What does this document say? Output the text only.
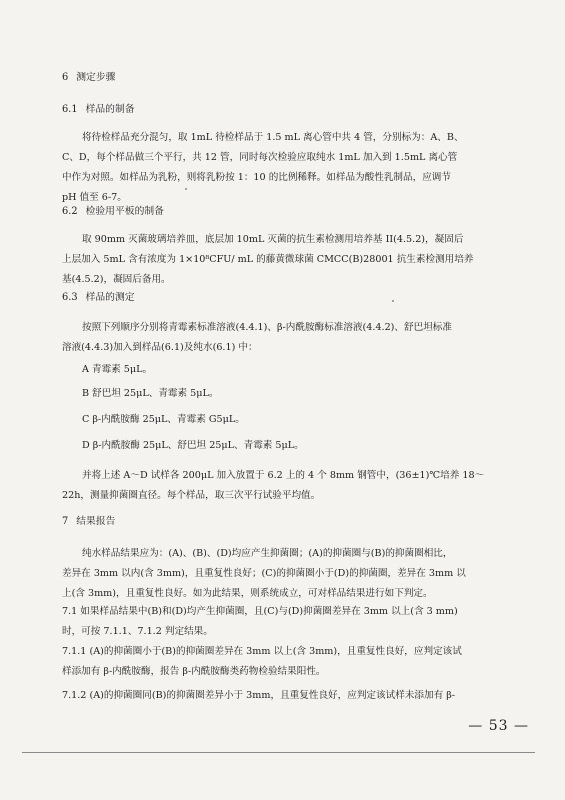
6 测定步骤
6.1 样品的制备
将待检样品充分混匀，取 1mL 待检样品于 1.5 mL 离心管中共 4 管，分别标为：A、B、
C、D，每个样品做三个平行，共 12 管，同时每次检验应取纯水 1mL 加入到 1.5mL 离心管
中作为对照。如样品为乳粉，则将乳粉按 1：10 的比例稀释。如样品为酸性乳制品，应调节
pH 值至 6-7。
6.2 检验用平板的制备
取 90mm 灭菌玻璃培养皿，底层加 10mL 灭菌的抗生素检测用培养基 II(4.5.2)，凝固后
上层加入 5mL 含有浓度为 1×10⁸CFU/ mL 的藤黄微球菌 CMCC(B)28001 抗生素检测用培养
基(4.5.2)，凝固后备用。
6.3 样品的测定
按照下列顺序分别将青霉素标准溶液(4.4.1)、β-内酰胺酶标准溶液(4.4.2)、舒巴坦标准
溶液(4.4.3)加入到样品(6.1)及纯水(6.1) 中：
A 青霉素 5μL。
B 舒巴坦 25μL、青霉素 5μL。
C β-内酰胺酶 25μL、青霉素 G5μL。
D β-内酰胺酶 25μL、舒巴坦 25μL、青霉素 5μL。
并将上述 A～D 试样各 200μL 加入放置于 6.2 上的 4 个 8mm 钢管中，(36±1)℃培养 18～
22h，测量抑菌圈直径。每个样品，取三次平行试验平均值。
7 结果报告
纯水样品结果应为：(A)、(B)、(D)均应产生抑菌圈；(A)的抑菌圈与(B)的抑菌圈相比，
差异在 3mm 以内(含 3mm)，且重复性良好；(C)的抑菌圈小于(D)的抑菌圈，差异在 3mm 以
上(含 3mm)，且重复性良好。如为此结果，则系统成立，可对样品结果进行如下判定。
7.1 如果样品结果中(B)和(D)均产生抑菌圈，且(C)与(D)抑菌圈差异在 3mm 以上(含 3 mm)
时，可按 7.1.1、7.1.2 判定结果。
7.1.1 (A)的抑菌圈小于(B)的抑菌圈差异在 3mm 以上(含 3mm)，且重复性良好，应判定该试
样添加有 β-内酰胺酶，报告 β-内酰胺酶类药物检验结果阳性。
7.1.2 (A)的抑菌圈同(B)的抑菌圈差异小于 3mm，且重复性良好，应判定该试样未添加有 β-
— 53 —
